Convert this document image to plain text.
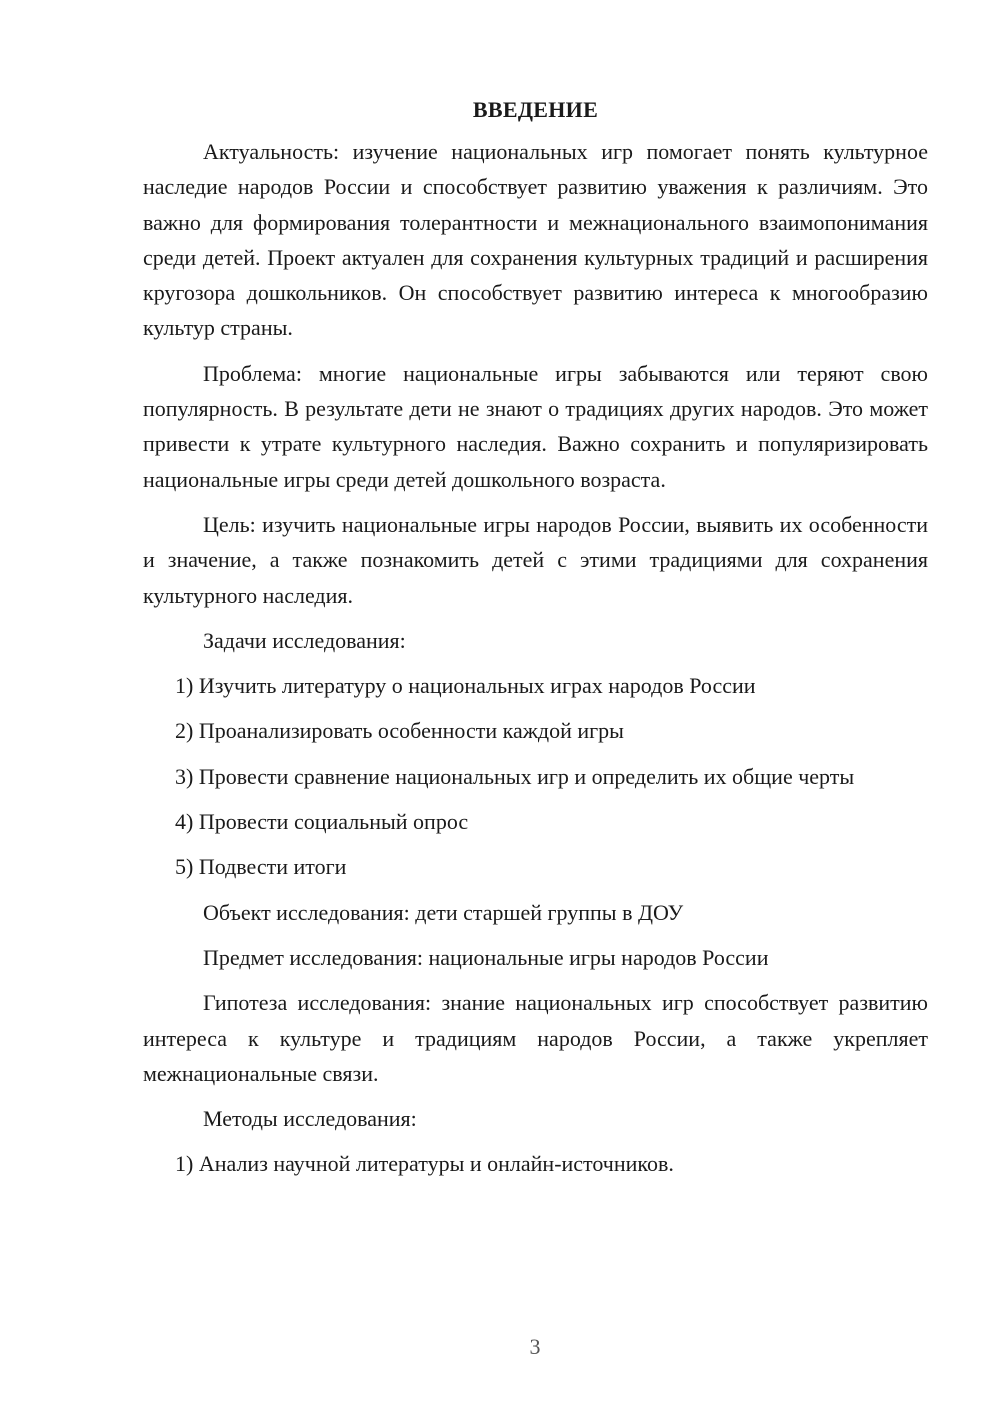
ВВЕДЕНИЕ

Актуальность: изучение национальных игр помогает понять культурное наследие народов России и способствует развитию уважения к различиям. Это важно для формирования толерантности и межнационального взаимопонимания среди детей. Проект актуален для сохранения культурных традиций и расширения кругозора дошкольников. Он способствует развитию интереса к многообразию культур страны.

Проблема: многие национальные игры забываются или теряют свою популярность. В результате дети не знают о традициях других народов. Это может привести к утрате культурного наследия. Важно сохранить и популяризировать национальные игры среди детей дошкольного возраста.

Цель: изучить национальные игры народов России, выявить их особенности и значение, а также познакомить детей с этими традициями для сохранения культурного наследия.

Задачи исследования:

1) Изучить литературу о национальных играх народов России

2) Проанализировать особенности каждой игры

3) Провести сравнение национальных игр и определить их общие черты

4) Провести социальный опрос

5) Подвести итоги

Объект исследования: дети старшей группы в ДОУ

Предмет исследования: национальные игры народов России

Гипотеза исследования: знание национальных игр способствует развитию интереса к культуре и традициям народов России, а также укрепляет межнациональные связи.

Методы исследования:

1) Анализ научной литературы и онлайн-источников.

3
